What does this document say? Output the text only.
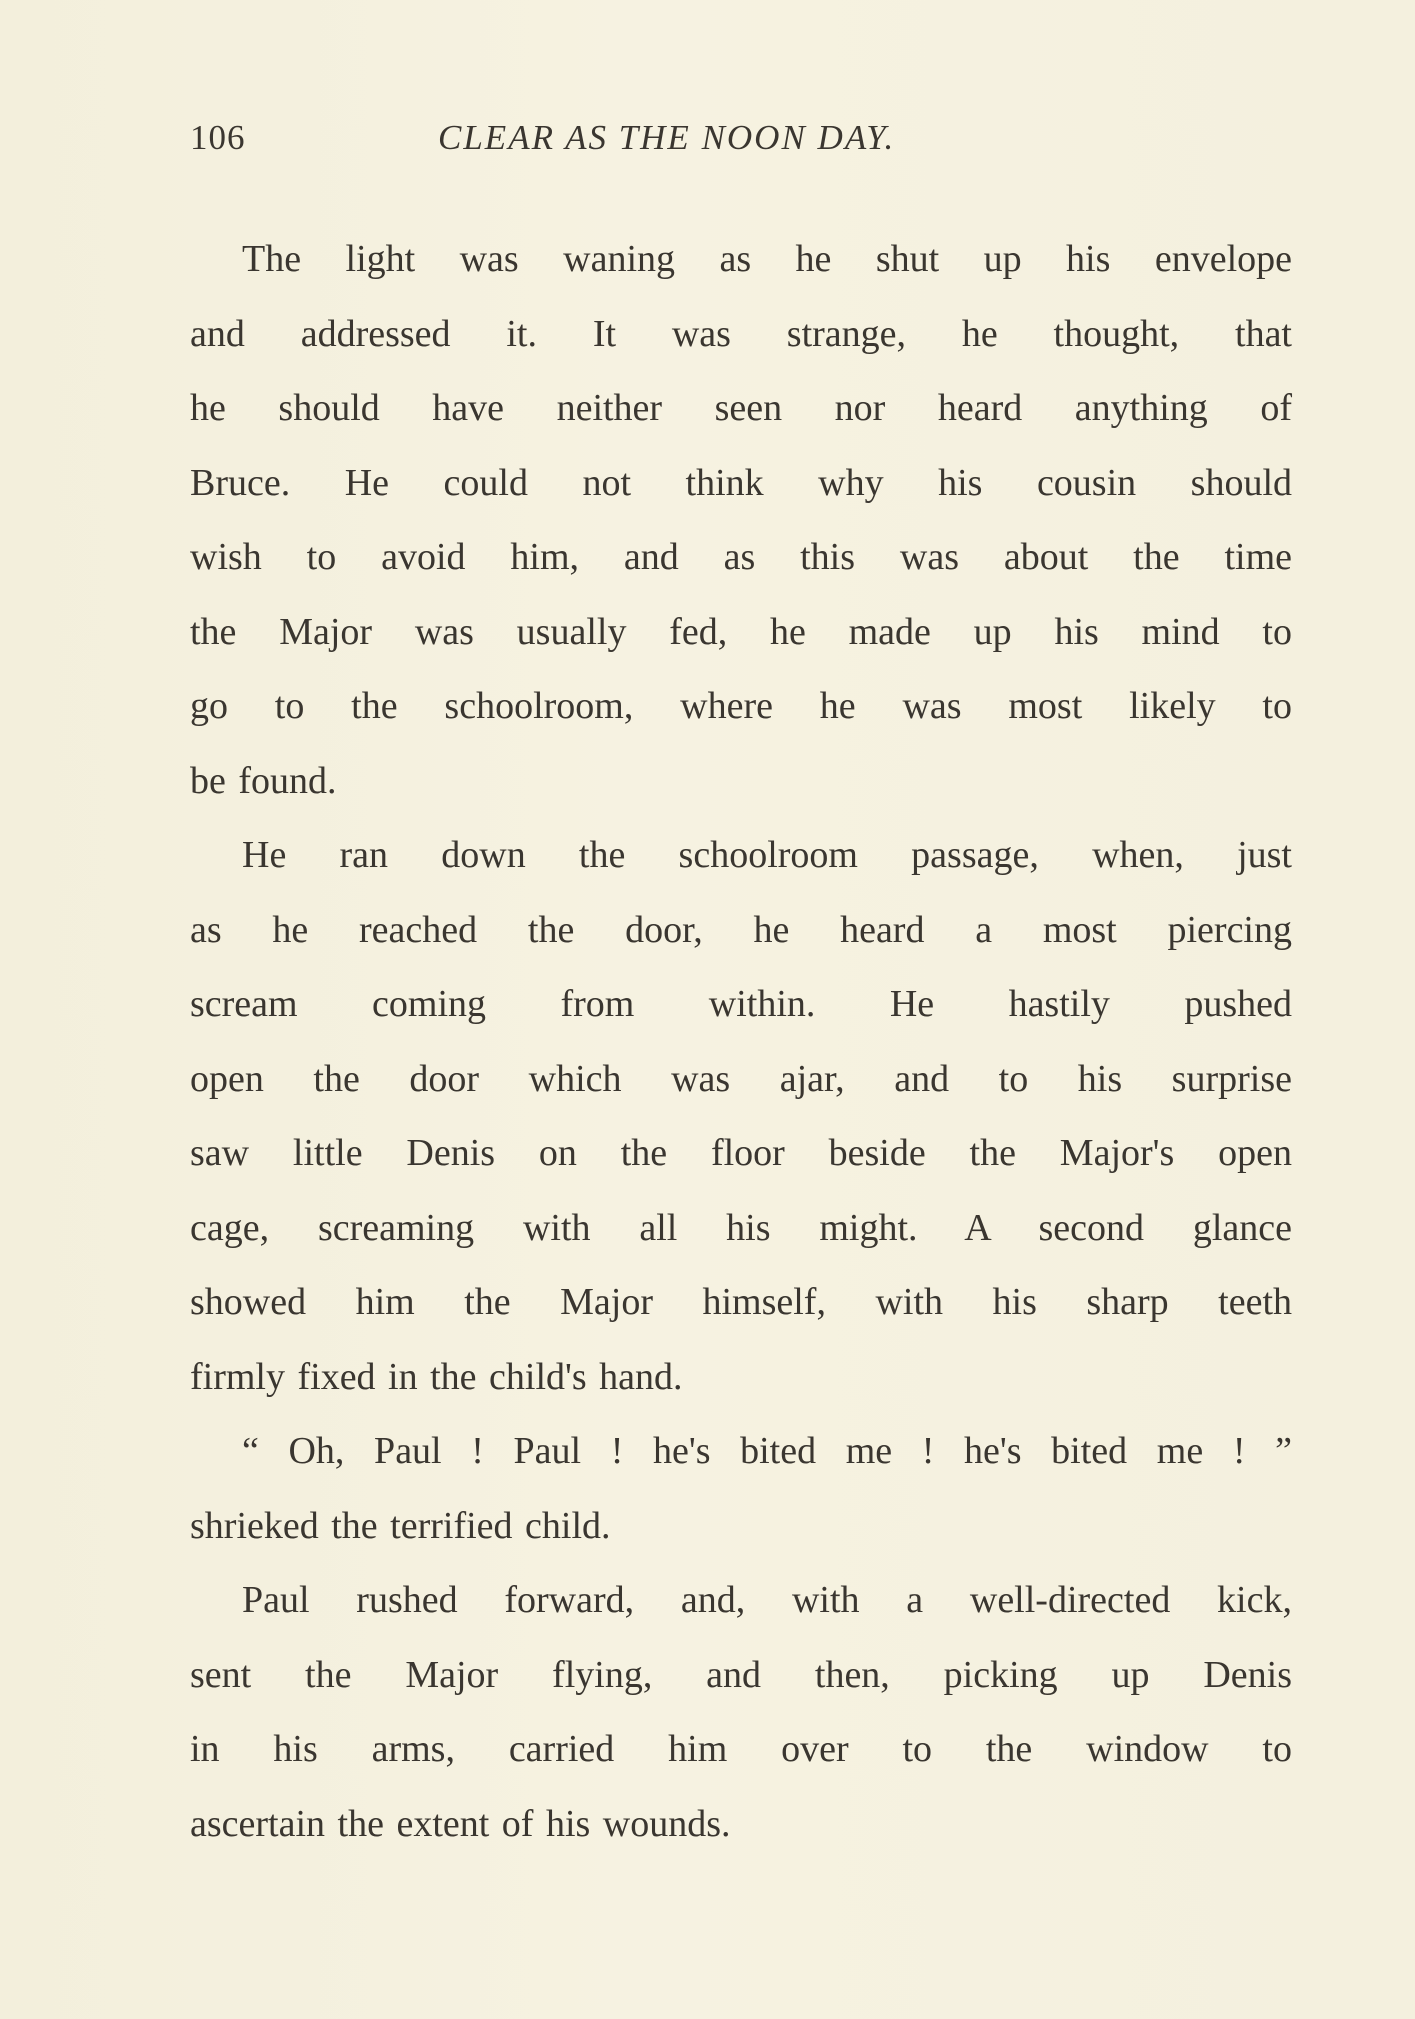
106	CLEAR AS THE NOON DAY.
The light was waning as he shut up his envelope
and addressed it. It was strange, he thought, that
he should have neither seen nor heard anything of
Bruce. He could not think why his cousin should
wish to avoid him, and as this was about the time
the Major was usually fed, he made up his mind to
go to the schoolroom, where he was most likely to
be found.
He ran down the schoolroom passage, when, just
as he reached the door, he heard a most piercing
scream coming from within. He hastily pushed
open the door which was ajar, and to his surprise
saw little Denis on the floor beside the Major's open
cage, screaming with all his might. A second glance
showed him the Major himself, with his sharp teeth
firmly fixed in the child's hand.
“ Oh, Paul ! Paul ! he's bited me ! he's bited me ! ”
shrieked the terrified child.
Paul rushed forward, and, with a well-directed kick,
sent the Major flying, and then, picking up Denis
in his arms, carried him over to the window to
ascertain the extent of his wounds.
